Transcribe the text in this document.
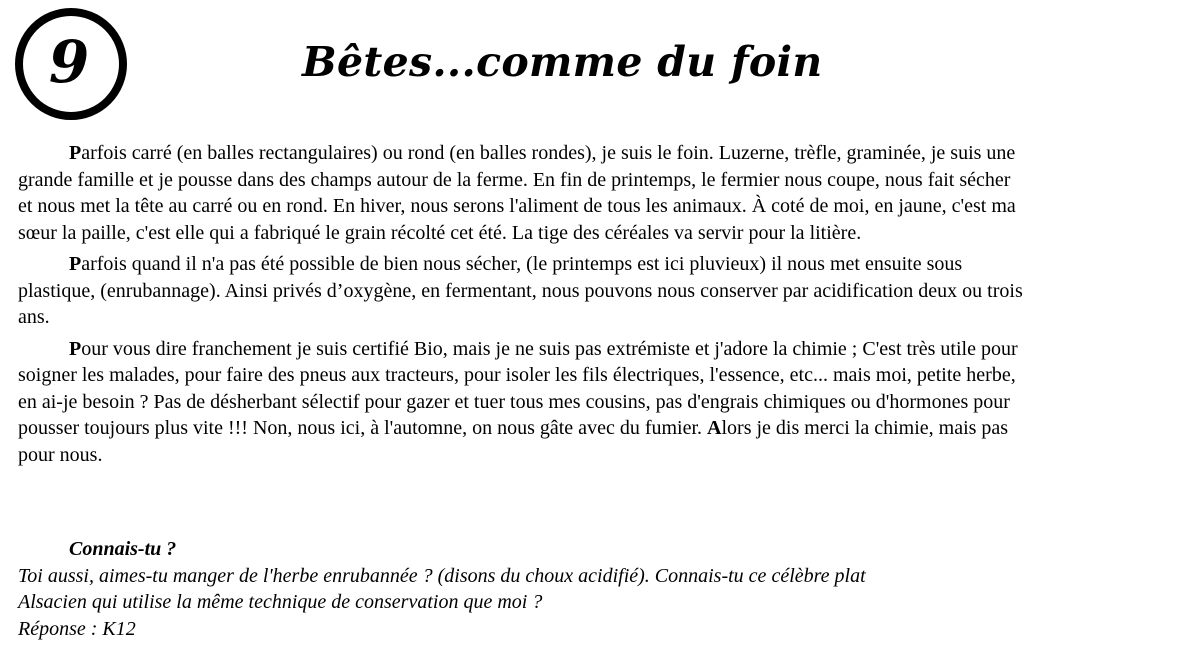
9	Bêtes...comme du foin

Parfois carré (en balles rectangulaires) ou rond (en balles rondes), je suis le foin. Luzerne, trèfle, graminée, je suis une grande famille et je pousse dans des champs autour de la ferme. En fin de printemps, le fermier nous coupe, nous fait sécher et nous met la tête au carré ou en rond. En hiver, nous serons l'aliment de tous les animaux. À coté de moi, en jaune, c'est ma sœur la paille, c'est elle qui a fabriqué le grain récolté cet été. La tige des céréales va servir pour la litière.

Parfois quand il n'a pas été possible de bien nous sécher, (le printemps est ici pluvieux) il nous met ensuite sous plastique, (enrubannage). Ainsi privés d’oxygène, en fermentant, nous pouvons nous conserver par acidification deux ou trois ans.

Pour vous dire franchement je suis certifié Bio, mais je ne suis pas extrémiste et j'adore la chimie ; C'est très utile pour soigner les malades, pour faire des pneus aux tracteurs, pour isoler les fils électriques, l'essence, etc... mais moi, petite herbe, en ai-je besoin ? Pas de désherbant sélectif pour gazer et tuer tous mes cousins, pas d'engrais chimiques ou d'hormones pour pousser toujours plus vite !!! Non, nous ici, à l'automne, on nous gâte avec du fumier. Alors je dis merci la chimie, mais pas pour nous.

Connais-tu ?
Toi aussi, aimes-tu manger de l'herbe enrubannée ? (disons du choux acidifié). Connais-tu ce célèbre plat
Alsacien qui utilise la même technique de conservation que moi ?
Réponse : K12
